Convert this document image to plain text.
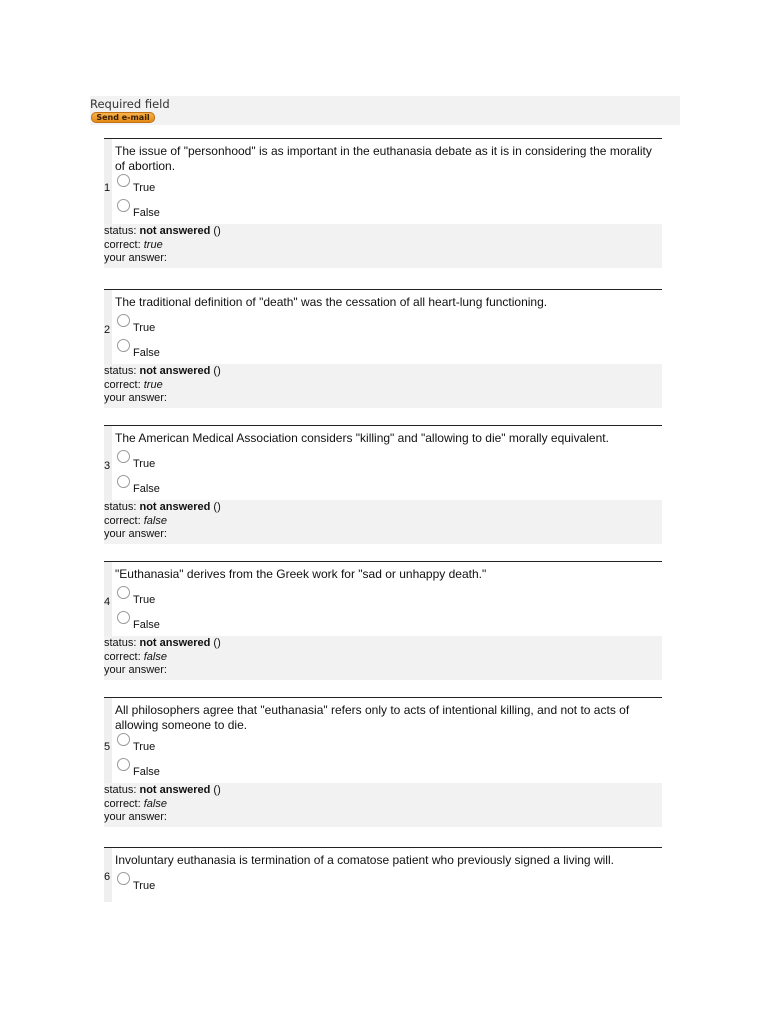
Required field
Send e-mail
The issue of "personhood" is as important in the euthanasia debate as it is in considering the morality of abortion.
1 True
False
status: not answered ()
correct: true
your answer:
The traditional definition of "death" was the cessation of all heart-lung functioning.
2 True
False
status: not answered ()
correct: true
your answer:
The American Medical Association considers "killing" and "allowing to die" morally equivalent.
3 True
False
status: not answered ()
correct: false
your answer:
"Euthanasia" derives from the Greek work for "sad or unhappy death."
4 True
False
status: not answered ()
correct: false
your answer:
All philosophers agree that "euthanasia" refers only to acts of intentional killing, and not to acts of allowing someone to die.
5 True
False
status: not answered ()
correct: false
your answer:
Involuntary euthanasia is termination of a comatose patient who previously signed a living will.
6
True
